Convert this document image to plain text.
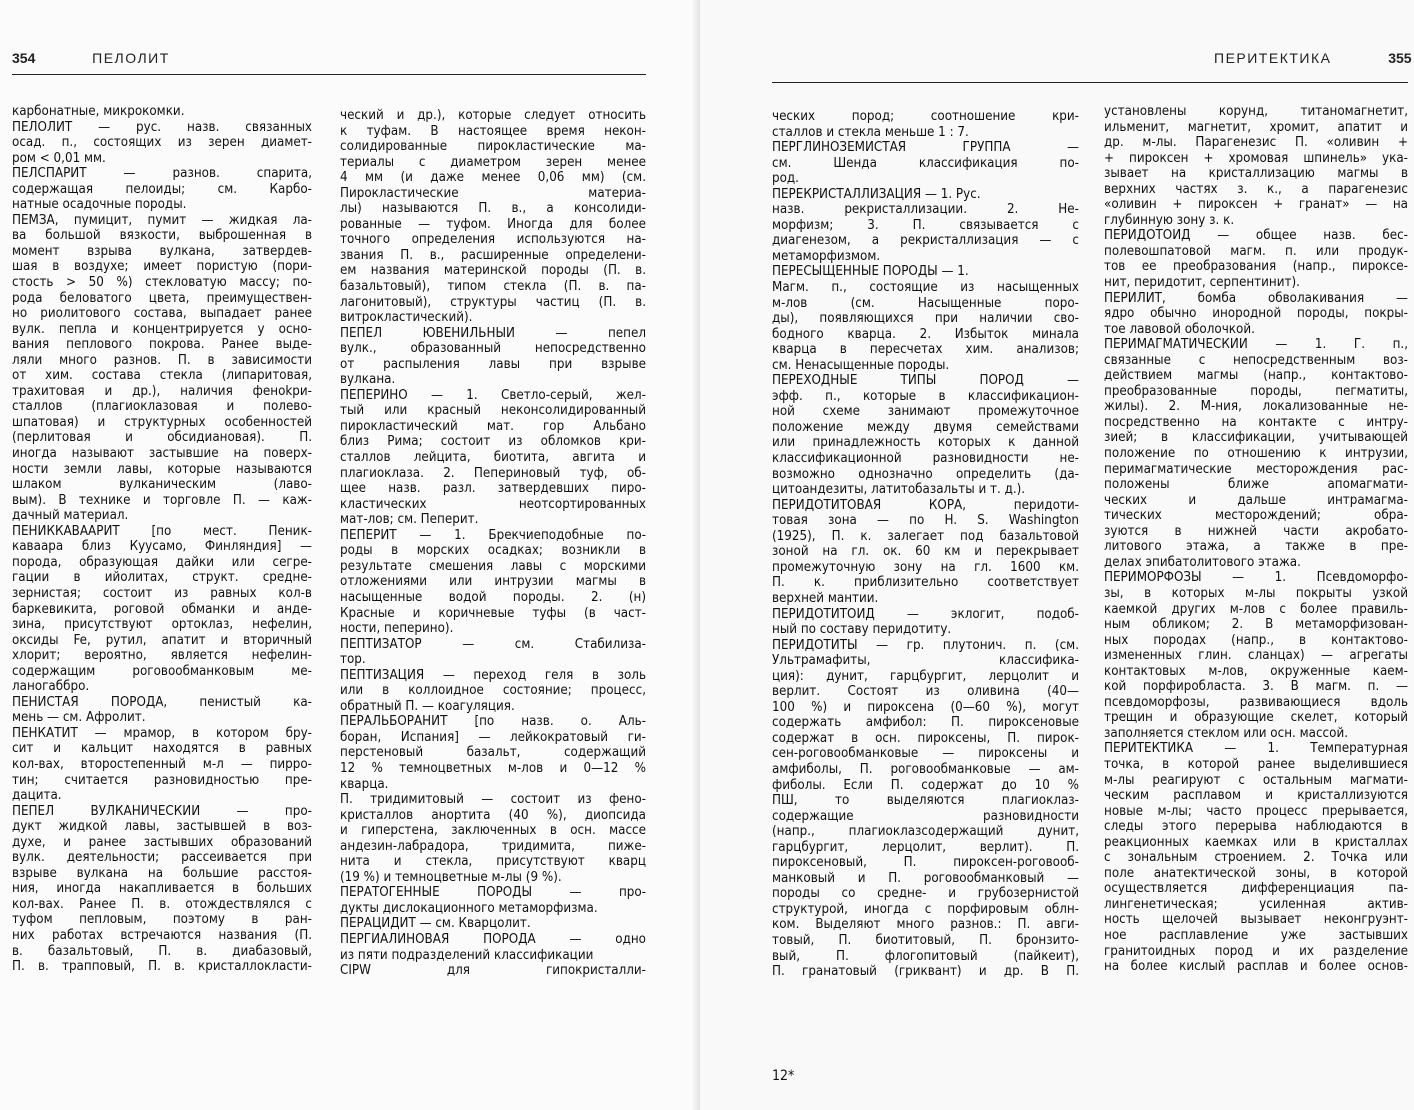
354	ПЕЛОЛИТ

карбонатные, микрокомки.

ПЕЛОЛИТ — рус. назв. связанных

осад. п., состоящих из зерен диамет-

ром < 0,01 мм.

ПЕЛСПАРИТ — разнов. спарита,

содержащая пелоиды; см. Карбо-

натные осадочные породы.

ПЕМЗА, пумицит, пумит — жидкая ла-

ва большой вязкости, выброшенная в

момент взрыва вулкана, затвердев-

шая в воздухе; имеет пористую (пори-

стость > 50 %) стекловатую массу; по-

рода беловатого цвета, преимуществен-

но риолитового состава, выпадает ранее

вулк. пепла и концентрируется у осно-

вания пеплового покрова. Ранее выде-

ляли много разнов. П. в зависимости

от хим. состава стекла (липаритовая,

трахитовая и др.), наличия феноkри-

сталлов (плагиоклазовая и полево-

шпатовая) и структурных особенностей

(перлитовая и обсидиановая). П.

иногда называют застывшие на поверх-

ности земли лавы, которые называются

шлаком вулканическим (лаво-

вым). В технике и торговле П. — каж-

дачный материал.

ПЕНИККАВААРИТ [по мест. Пеник-

каваара близ Куусамо, Финляндия] —

порода, образующая дайки или сегре-

гации в ийолитах, структ. средне-

зернистая; состоит из равных кол-в

баркевикита, роговой обманки и анде-

зина, присутствуют ортоклаз, нефелин,

оксиды Fe, рутил, апатит и вторичный

хлорит; вероятно, является нефелин-

содержащим роговообманковым ме-

ланогаббро.

ПЕНИСТАЯ ПОРОДА, пенистый ка-

мень — см. Афролит.

ПЕНКАТИТ — мрамор, в котором бру-

сит и кальцит находятся в равных

кол-вах, второстепенный м-л — пирро-

тин; считается разновидностью пре-

дацита.

ПЕПЕЛ ВУЛКАНИЧЕСКИЙ — про-

дукт жидкой лавы, застывшей в воз-

духе, и ранее застывших образований

вулк. деятельности; рассеивается при

взрыве вулкана на большие расстоя-

ния, иногда накапливается в больших

кол-вах. Ранее П. в. отождествлялся с

туфом пепловым, поэтому в ран-

них работах встречаются названия (П.

в. базальтовый, П. в. диабазовый,

П. в. трапповый, П. в. кристаллокласти-

ческий и др.), которые следует относить

к туфам. В настоящее время некон-

солидированные пирокластические ма-

териалы с диаметром зерен менее

4 мм (и даже менее 0,06 мм) (см.

Пирокластические материа-

лы) называются П. в., а консолиди-

рованные — туфом. Иногда для более

точного определения используются на-

звания П. в., расширенные определени-

ем названия материнской породы (П. в.

базальтовый), типом стекла (П. в. па-

лагонитовый), структуры частиц (П. в.

витрокластический).

ПЕПЕЛ ЮВЕНИЛЬНЫЙ — пепел

вулк., образованный непосредственно

от распыления лавы при взрыве

вулкана.

ПЕПЕРИНО — 1. Светло-серый, жел-

тый или красный неконсолидированный

пирокластический мат. гор Альбано

близ Рима; состоит из обломков кри-

сталлов лейцита, биотита, авгита и

плагиоклаза. 2. Пепериновый туф, об-

щее назв. разл. затвердевших пиро-

кластических неотсортированных

мат-лов; см. Пеперит.

ПЕПЕРИТ — 1. Брекчиеподобные по-

роды в морских осадках; возникли в

результате смешения лавы с морскими

отложениями или интрузии магмы в

насыщенные водой породы. 2. (н)

Красные и коричневые туфы (в част-

ности, пеперино).

ПЕПТИЗАТОР — см. Стабилиза-

тор.

ПЕПТИЗАЦИЯ — переход геля в золь

или в коллоидное состояние; процесс,

обратный П. — коагуляция.

ПЕРАЛЬБОРАНИТ [по назв. о. Аль-

боран, Испания] — лейкократовый ги-

перстеновый базальт, содержащий

12 % темноцветных м-лов и 0—12 %

кварца.

П. тридимитовый — состоит из фено-

кристаллов анортита (40 %), диопсида

и гиперстена, заключенных в осн. массе

андезин-лабрадора, тридимита, пиже-

нита и стекла, присутствуют кварц

(19 %) и темноцветные м-лы (9 %).

ПЕРАТОГЕННЫЕ ПОРОДЫ — про-

дукты дислокационного метаморфизма.

ПЕРАЦИДИТ — см. Кварцолит.

ПЕРГИАЛИНОВАЯ ПОРОДА — одно

из пяти подразделений классификации

CIPW для гипокристалли-

ПЕРИТЕКТИКА	355

ческих пород; соотношение кри-

сталлов и стекла меньше 1 : 7.

ПЕРГЛИНОЗЕМИСТАЯ ГРУППА —

см. Шенда классификация по-

род.

ПЕРЕКРИСТАЛЛИЗАЦИЯ — 1. Рус.

назв. рекристаллизации. 2. Не-

морфизм; 3. П. связывается с

диагенезом, а рекристаллизация — с

метаморфизмом.

ПЕРЕСЫЩЕННЫЕ ПОРОДЫ — 1.

Магм. п., состоящие из насыщенных

м-лов (см. Насыщенные поро-

ды), появляющихся при наличии сво-

бодного кварца. 2. Избыток минала

кварца в пересчетах хим. анализов;

см. Ненасыщенные породы.

ПЕРЕХОДНЫЕ ТИПЫ ПОРОД —

эфф. п., которые в классификацион-

ной схеме занимают промежуточное

положение между двумя семействами

или принадлежность которых к данной

классификационной разновидности не-

возможно однозначно определить (да-

цитоандезиты, латитобазальты и т. д.).

ПЕРИДОТИТОВАЯ КОРА, перидоти-

товая зона — по H. S. Washington

(1925), П. к. залегает под базальтовой

зоной на гл. ок. 60 км и перекрывает

промежуточную зону на гл. 1600 км.

П. к. приблизительно соответствует

верхней мантии.

ПЕРИДОТИТОИД — эклогит, подоб-

ный по составу перидотиту.

ПЕРИДОТИТЫ — гр. плутонич. п. (см.

Ультрамафиты, классифика-

ция): дунит, гарцбургит, лерцолит и

верлит. Состоят из оливина (40—

100 %) и пироксена (0—60 %), могут

содержать амфибол: П. пироксеновые

содержат в осн. пироксены, П. пирок-

сен-роговообманковые — пироксены и

амфиболы, П. роговообманковые — ам-

фиболы. Если П. содержат до 10 %

ПШ, то выделяются плагиоклаз-

содержащие разновидности

(напр., плагиоклазсодержащий дунит,

гарцбургит, лерцолит, верлит). П.

пироксеновый, П. пироксен-роговооб-

манковый и П. роговообманковый —

породы со средне- и грубозернистой

структурой, иногда с порфировым облн-

ком. Выделяют много разнов.: П. авги-

товый, П. биотитовый, П. бронзито-

вый, П. флогопитовый (пайкеит),

П. гранатовый (гриквант) и др. В П.

установлены корунд, титаномагнетит,

ильменит, магнетит, хромит, апатит и

др. м-лы. Парагенезис П. «оливин +

+ пироксен + хромовая шпинель» ука-

зывает на кристаллизацию магмы в

верхних частях з. к., а парагенезис

«оливин + пироксен + гранат» — на

глубинную зону з. к.

ПЕРИДОТОИД — общее назв. бес-

полевошпатовой магм. п. или продук-

тов ее преобразования (напр., пироксе-

нит, перидотит, серпентинит).

ПЕРИЛИТ, бомба обволакивания —

ядро обычно инородной породы, покры-

тое лавовой оболочкой.

ПЕРИМАГМАТИЧЕСКИЙ — 1. Г. п.,

связанные с непосредственным воз-

действием магмы (напр., контактово-

преобразованные породы, пегматиты,

жилы). 2. М-ния, локализованные не-

посредственно на контакте с интру-

зией; в классификации, учитывающей

положение по отношению к интрузии,

перимагматические месторождения рас-

положены ближе апомагмати-

ческих и дальше интрамагма-

тических месторождений; обра-

зуются в нижней части акробато-

литового этажа, а также в пре-

делах эпибатолитового этажа.

ПЕРИМОРФОЗЫ — 1. Псевдоморфо-

зы, в которых м-лы покрыты узкой

каемкой других м-лов с более правиль-

ным обликом; 2. В метаморфизован-

ных породах (напр., в контактово-

измененных глин. сланцах) — агрегаты

контактовых м-лов, окруженные каем-

кой порфиробласта. 3. В магм. п. —

псевдоморфозы, развивающиеся вдоль

трещин и образующие скелет, который

заполняется стеклом или осн. массой.

ПЕРИТЕКТИКА — 1. Температурная

точка, в которой ранее выделившиеся

м-лы реагируют с остальным магмати-

ческим расплавом и кристаллизуются

новые м-лы; часто процесс прерывается,

следы этого перерыва наблюдаются в

реакционных каемках или в кристаллах

с зональным строением. 2. Точка или

поле анатектической зоны, в которой

осуществляется дифференциация па-

лингенетическая; усиленная актив-

ность щелочей вызывает неконгруэнт-

ное расплавление уже застывших

гранитоидных пород и их разделение

на более кислый расплав и более основ-

12*
